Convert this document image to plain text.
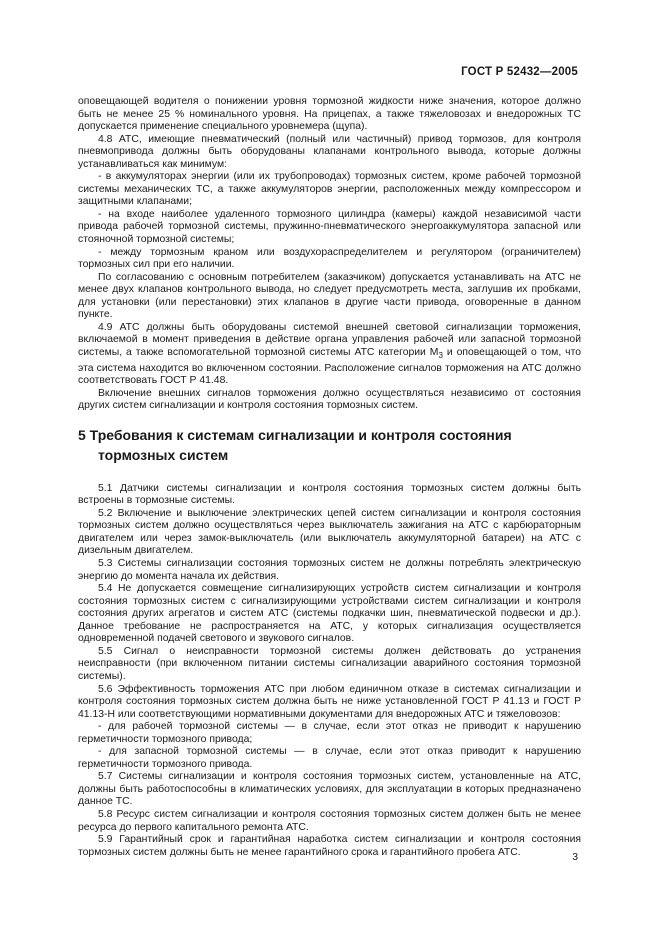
ГОСТ Р 52432—2005

оповещающей водителя о понижении уровня тормозной жидкости ниже значения, которое должно быть не менее 25 % номинального уровня. На прицепах, а также тяжеловозах и внедорожных ТС допускается применение специального уровнемера (щупа).

4.8 АТС, имеющие пневматический (полный или частичный) привод тормозов, для контроля пневмопривода должны быть оборудованы клапанами контрольного вывода, которые должны устанавливаться как минимум:

- в аккумуляторах энергии (или их трубопроводах) тормозных систем, кроме рабочей тормозной системы механических ТС, а также аккумуляторов энергии, расположенных между компрессором и защитными клапанами;

- на входе наиболее удаленного тормозного цилиндра (камеры) каждой независимой части привода рабочей тормозной системы, пружинно-пневматического энергоаккумулятора запасной или стояночной тормозной системы;

- между тормозным краном или воздухораспределителем и регулятором (ограничителем) тормозных сил при его наличии.

По согласованию с основным потребителем (заказчиком) допускается устанавливать на АТС не менее двух клапанов контрольного вывода, но следует предусмотреть места, заглушив их пробками, для установки (или перестановки) этих клапанов в другие части привода, оговоренные в данном пункте.

4.9 АТС должны быть оборудованы системой внешней световой сигнализации торможения, включаемой в момент приведения в действие органа управления рабочей или запасной тормозной системы, а также вспомогательной тормозной системы АТС категории $M_3$ и оповещающей о том, что эта система находится во включенном состоянии. Расположение сигналов торможения на АТС должно соответствовать ГОСТ Р 41.48.

Включение внешних сигналов торможения должно осуществляться независимо от состояния других систем сигнализации и контроля состояния тормозных систем.

5 Требования к системам сигнализации и контроля состояния
тормозных систем

5.1 Датчики системы сигнализации и контроля состояния тормозных систем должны быть встроены в тормозные системы.

5.2 Включение и выключение электрических цепей систем сигнализации и контроля состояния тормозных систем должно осуществляться через выключатель зажигания на АТС с карбюраторным двигателем или через замок-выключатель (или выключатель аккумуляторной батареи) на АТС с дизельным двигателем.

5.3 Системы сигнализации состояния тормозных систем не должны потреблять электрическую энергию до момента начала их действия.

5.4 Не допускается совмещение сигнализирующих устройств систем сигнализации и контроля состояния тормозных систем с сигнализирующими устройствами систем сигнализации и контроля состояния других агрегатов и систем АТС (системы подкачки шин, пневматической подвески и др.). Данное требование не распространяется на АТС, у которых сигнализация осуществляется одновременной подачей светового и звукового сигналов.

5.5 Сигнал о неисправности тормозной системы должен действовать до устранения неисправности (при включенном питании системы сигнализации аварийного состояния тормозной системы).

5.6 Эффективность торможения АТС при любом единичном отказе в системах сигнализации и контроля состояния тормозных систем должна быть не ниже установленной ГОСТ Р 41.13 и ГОСТ Р 41.13-Н или соответствующими нормативными документами для внедорожных АТС и тяжеловозов:

- для рабочей тормозной системы — в случае, если этот отказ не приводит к нарушению герметичности тормозного привода;

- для запасной тормозной системы — в случае, если этот отказ приводит к нарушению герметичности тормозного привода.

5.7 Системы сигнализации и контроля состояния тормозных систем, установленные на АТС, должны быть работоспособны в климатических условиях, для эксплуатации в которых предназначено данное ТС.

5.8 Ресурс систем сигнализации и контроля состояния тормозных систем должен быть не менее ресурса до первого капитального ремонта АТС.

5.9 Гарантийный срок и гарантийная наработка систем сигнализации и контроля состояния тормозных систем должны быть не менее гарантийного срока и гарантийного пробега АТС.	3
